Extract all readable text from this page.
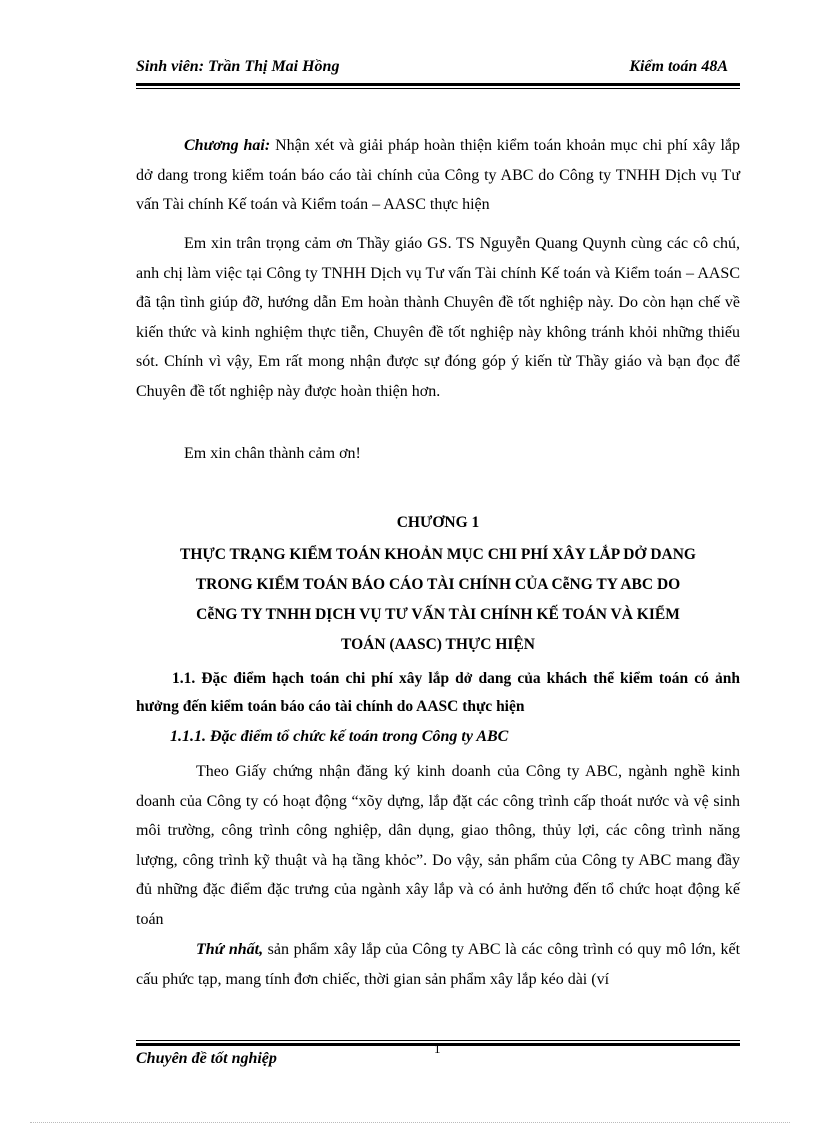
Sinh viên: Trần Thị Mai Hồng	Kiểm toán 48A

Chương hai: Nhận xét và giải pháp hoàn thiện kiểm toán khoản mục chi phí xây lắp dở dang trong kiểm toán báo cáo tài chính của Công ty ABC do Công ty TNHH Dịch vụ Tư vấn Tài chính Kế toán và Kiểm toán – AASC thực hiện

Em xin trân trọng cảm ơn Thầy giáo GS. TS Nguyễn Quang Quynh cùng các cô chú, anh chị làm việc tại Công ty TNHH Dịch vụ Tư vấn Tài chính Kế toán và Kiểm toán – AASC đã tận tình giúp đỡ, hướng dẫn Em hoàn thành Chuyên đề tốt nghiệp này. Do còn hạn chế về kiến thức và kinh nghiệm thực tiễn, Chuyên đề tốt nghiệp này không tránh khỏi những thiếu sót. Chính vì vậy, Em rất mong nhận được sự đóng góp ý kiến từ Thầy giáo và bạn đọc để Chuyên đề tốt nghiệp này được hoàn thiện hơn.

Em xin chân thành cảm ơn!

CHƯƠNG 1

THỰC TRẠNG KIỂM TOÁN KHOẢN MỤC CHI PHÍ XÂY LẮP DỞ DANG

TRONG KIỂM TOÁN BÁO CÁO TÀI CHÍNH CỦA CễNG TY ABC DO

CễNG TY TNHH DỊCH VỤ TƯ VẤN TÀI CHÍNH KẾ TOÁN VÀ KIỂM

TOÁN (AASC) THỰC HIỆN

1.1. Đặc điểm hạch toán chi phí xây lắp dở dang của khách thể kiểm toán có ảnh hưởng đến kiểm toán báo cáo tài chính do AASC thực hiện

1.1.1. Đặc điểm tổ chức kế toán trong Công ty ABC

Theo Giấy chứng nhận đăng ký kinh doanh của Công ty ABC, ngành nghề kinh doanh của Công ty có hoạt động “xõy dựng, lắp đặt các công trình cấp thoát nước và vệ sinh môi trường, công trình công nghiệp, dân dụng, giao thông, thủy lợi, các công trình năng lượng, công trình kỹ thuật và hạ tầng khỏc”. Do vậy, sản phẩm của Công ty ABC mang đầy đủ những đặc điểm đặc trưng của ngành xây lắp và có ảnh hưởng đến tổ chức hoạt động kế toán

Thứ nhất, sản phẩm xây lắp của Công ty ABC là các công trình có quy mô lớn, kết cấu phức tạp, mang tính đơn chiếc, thời gian sản phẩm xây lắp kéo dài (ví

1
Chuyên đề tốt nghiệp
